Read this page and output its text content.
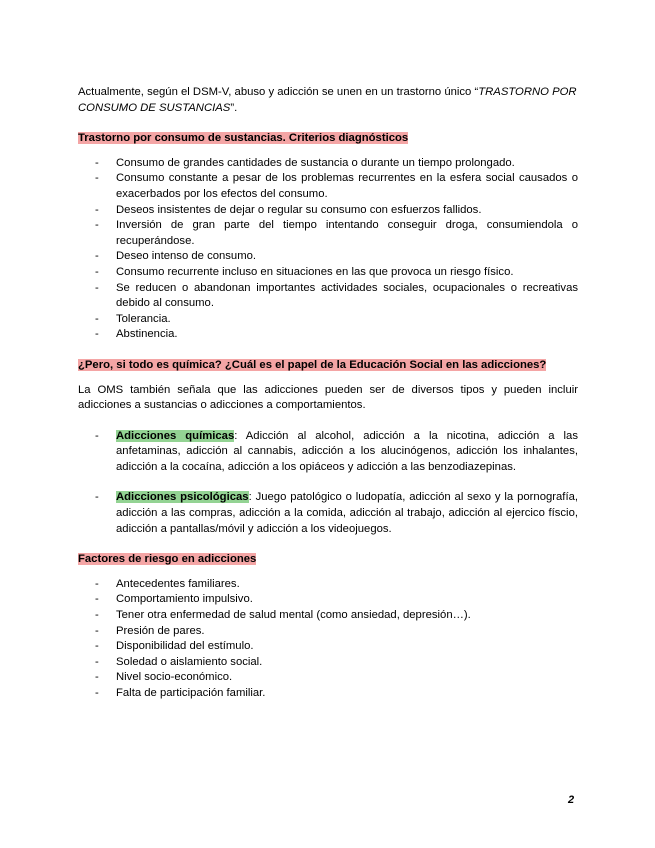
Actualmente, según el DSM-V, abuso y adicción se unen en un trastorno único “TRASTORNO POR CONSUMO DE SUSTANCIAS”.

Trastorno por consumo de sustancias. Criterios diagnósticos

- Consumo de grandes cantidades de sustancia o durante un tiempo prolongado.
- Consumo constante a pesar de los problemas recurrentes en la esfera social causados o exacerbados por los efectos del consumo.
- Deseos insistentes de dejar o regular su consumo con esfuerzos fallidos.
- Inversión de gran parte del tiempo intentando conseguir droga, consumiendola o recuperándose.
- Deseo intenso de consumo.
- Consumo recurrente incluso en situaciones en las que provoca un riesgo físico.
- Se reducen o abandonan importantes actividades sociales, ocupacionales o recreativas debido al consumo.
- Tolerancia.
- Abstinencia.

¿Pero, si todo es química? ¿Cuál es el papel de la Educación Social en las adicciones?

La OMS también señala que las adicciones pueden ser de diversos tipos y pueden incluir adicciones a sustancias o adicciones a comportamientos.

- Adicciones químicas: Adicción al alcohol, adicción a la nicotina, adicción a las anfetaminas, adicción al cannabis, adicción a los alucinógenos, adicción los inhalantes, adicción a la cocaína, adicción a los opiáceos y adicción a las benzodiazepinas.
- Adicciones psicológicas: Juego patológico o ludopatía, adicción al sexo y la pornografía, adicción a las compras, adicción a la comida, adicción al trabajo, adicción al ejercico físcio, adicción a pantallas/móvil y adicción a los videojuegos.

Factores de riesgo en adicciones

- Antecedentes familiares.
- Comportamiento impulsivo.
- Tener otra enfermedad de salud mental (como ansiedad, depresión…).
- Presión de pares.
- Disponibilidad del estímulo.
- Soledad o aislamiento social.
- Nivel socio-económico.
- Falta de participación familiar.
2
